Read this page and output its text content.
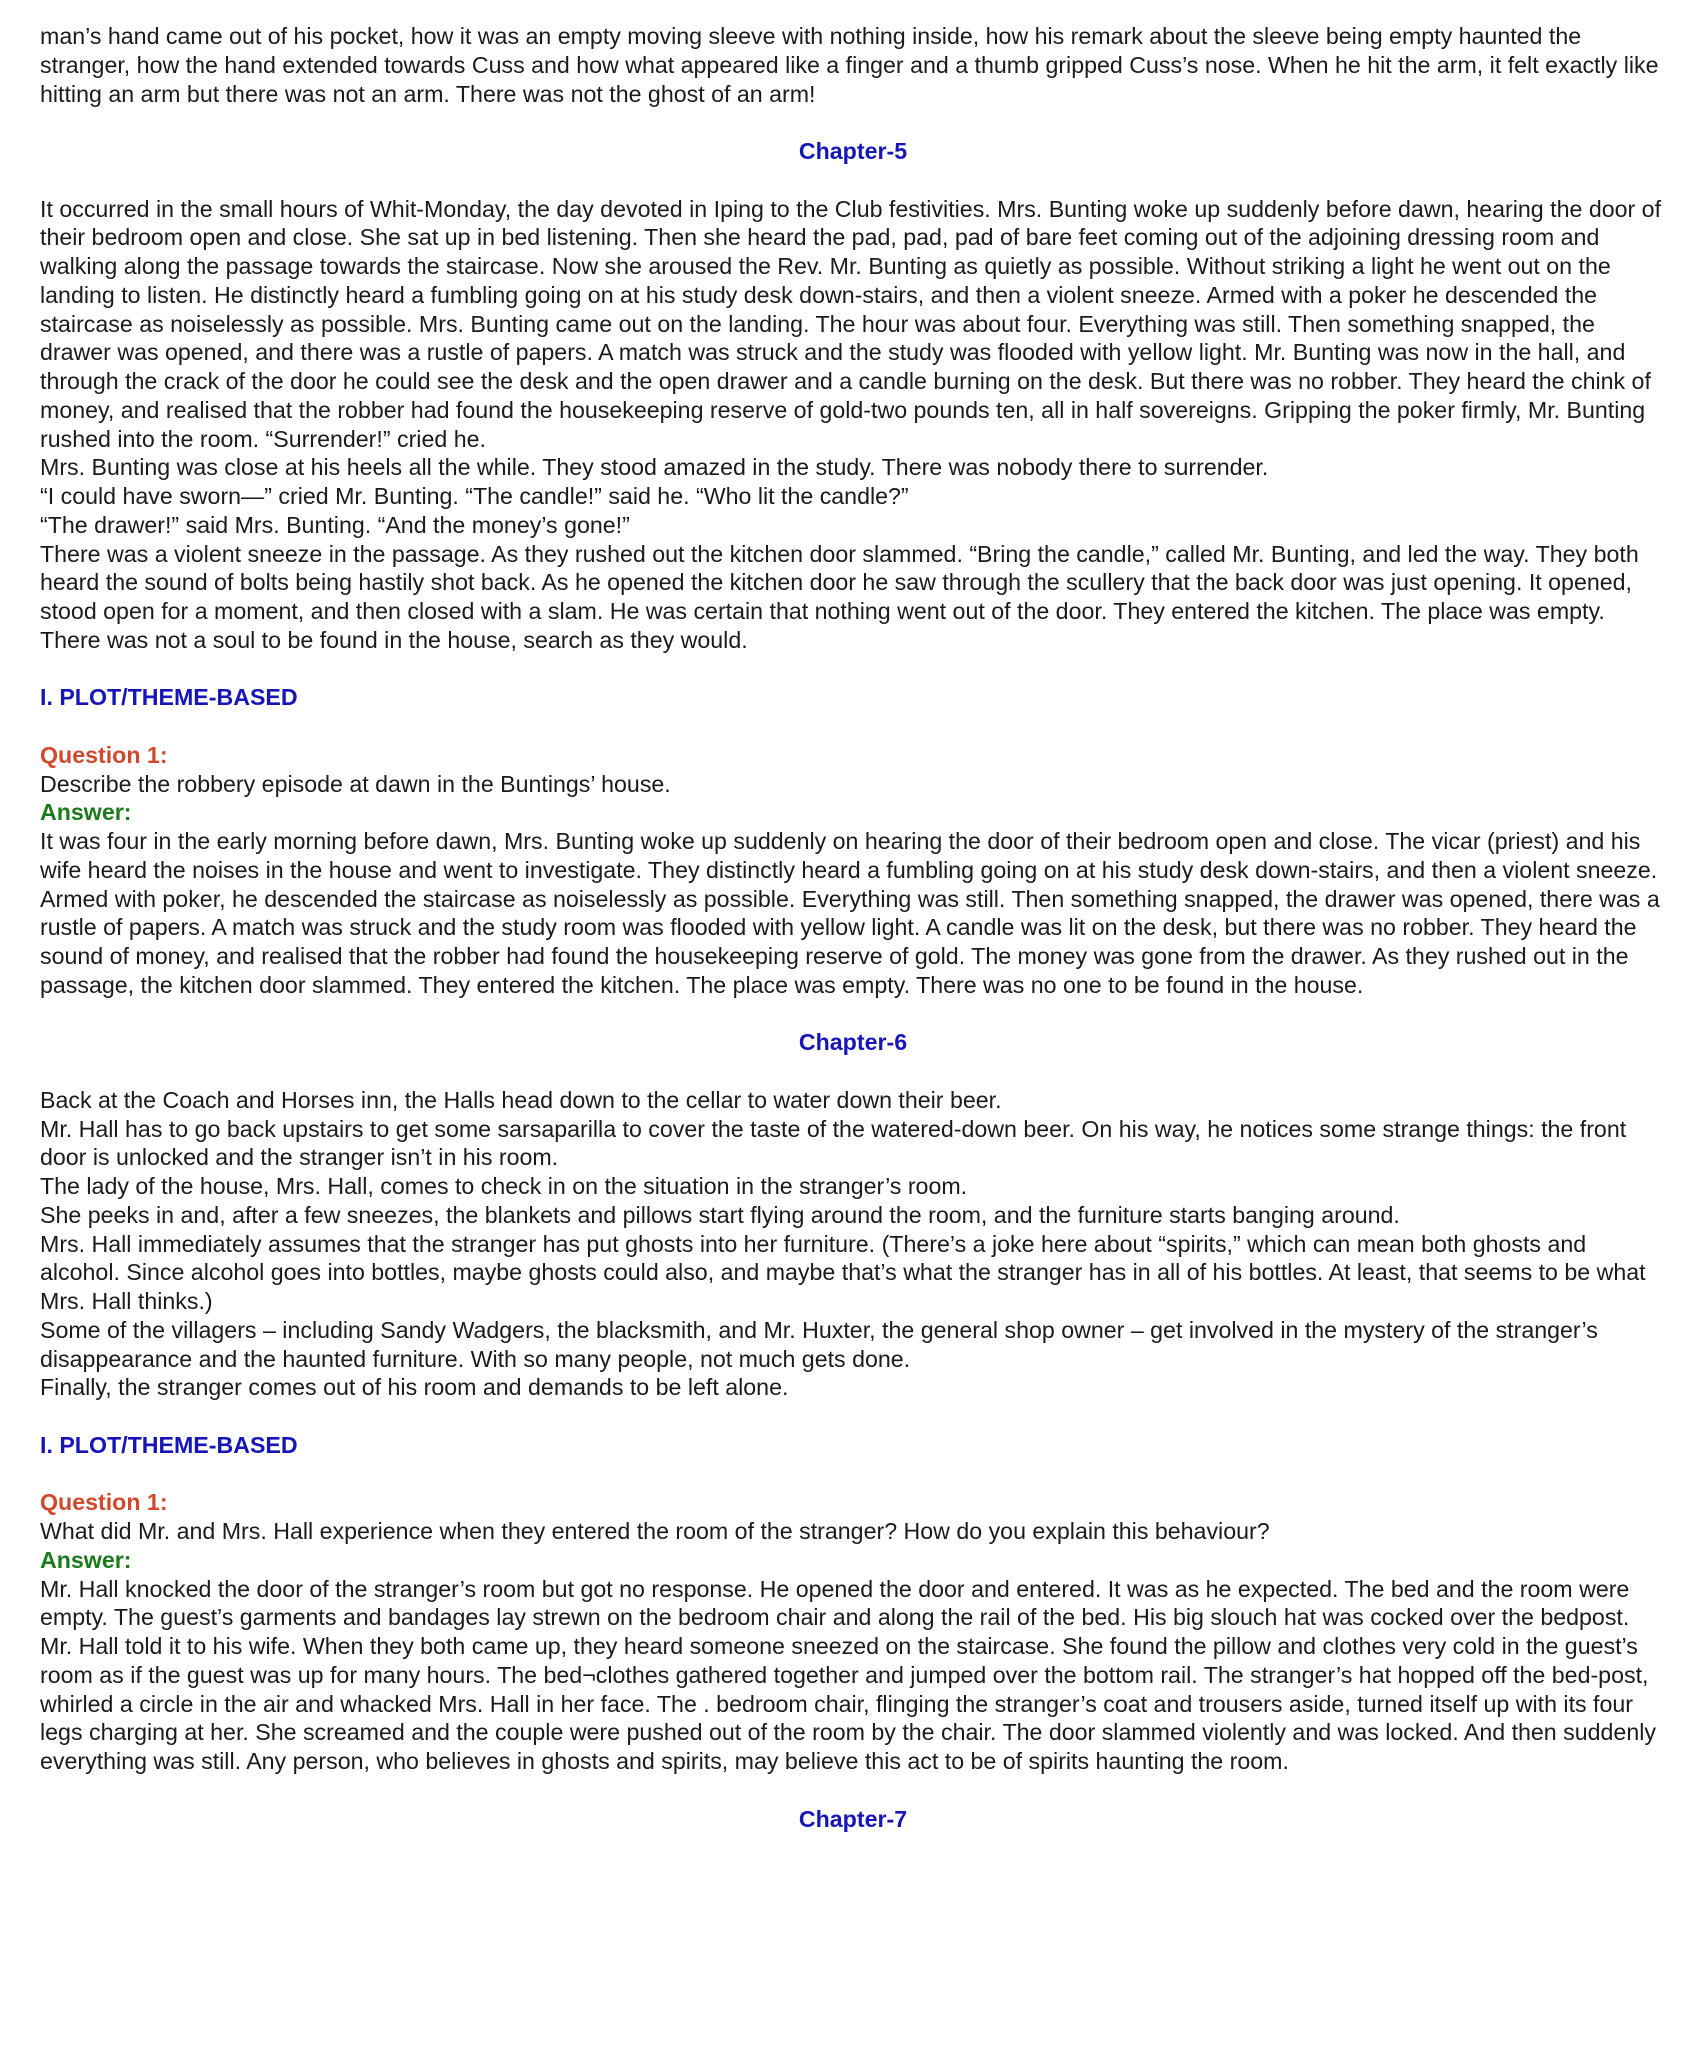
man’s hand came out of his pocket, how it was an empty moving sleeve with nothing inside, how his remark about the sleeve being empty haunted the stranger, how the hand extended towards Cuss and how what appeared like a finger and a thumb gripped Cuss’s nose. When he hit the arm, it felt exactly like hitting an arm but there was not an arm. There was not the ghost of an arm!

Chapter-5

It occurred in the small hours of Whit-Monday, the day devoted in Iping to the Club festivities. Mrs. Bunting woke up suddenly before dawn, hearing the door of their bedroom open and close. She sat up in bed listening. Then she heard the pad, pad, pad of bare feet coming out of the adjoining dressing room and walking along the passage towards the staircase. Now she aroused the Rev. Mr. Bunting as quietly as possible. Without striking a light he went out on the landing to listen. He distinctly heard a fumbling going on at his study desk down-stairs, and then a violent sneeze. Armed with a poker he descended the staircase as noiselessly as possible. Mrs. Bunting came out on the landing. The hour was about four. Everything was still. Then something snapped, the drawer was opened, and there was a rustle of papers. A match was struck and the study was flooded with yellow light. Mr. Bunting was now in the hall, and through the crack of the door he could see the desk and the open drawer and a candle burning on the desk. But there was no robber. They heard the chink of money, and realised that the robber had found the housekeeping reserve of gold-two pounds ten, all in half sovereigns. Gripping the poker firmly, Mr. Bunting rushed into the room. “Surrender!” cried he.

Mrs. Bunting was close at his heels all the while. They stood amazed in the study. There was nobody there to surrender.

“I could have sworn—” cried Mr. Bunting. “The candle!” said he. “Who lit the candle?”

“The drawer!” said Mrs. Bunting. “And the money’s gone!”

There was a violent sneeze in the passage. As they rushed out the kitchen door slammed. “Bring the candle,” called Mr. Bunting, and led the way. They both heard the sound of bolts being hastily shot back. As he opened the kitchen door he saw through the scullery that the back door was just opening. It opened, stood open for a moment, and then closed with a slam. He was certain that nothing went out of the door. They entered the kitchen. The place was empty. There was not a soul to be found in the house, search as they would.

I. PLOT/THEME-BASED

Question 1:

Describe the robbery episode at dawn in the Buntings’ house.

Answer:

It was four in the early morning before dawn, Mrs. Bunting woke up suddenly on hearing the door of their bedroom open and close. The vicar (priest) and his wife heard the noises in the house and went to investigate. They distinctly heard a fumbling going on at his study desk down-stairs, and then a violent sneeze. Armed with poker, he descended the staircase as noiselessly as possible. Everything was still. Then something snapped, the drawer was opened, there was a rustle of papers. A match was struck and the study room was flooded with yellow light. A candle was lit on the desk, but there was no robber. They heard the sound of money, and realised that the robber had found the housekeeping reserve of gold. The money was gone from the drawer. As they rushed out in the passage, the kitchen door slammed. They entered the kitchen. The place was empty. There was no one to be found in the house.

Chapter-6

Back at the Coach and Horses inn, the Halls head down to the cellar to water down their beer.

Mr. Hall has to go back upstairs to get some sarsaparilla to cover the taste of the watered-down beer. On his way, he notices some strange things: the front door is unlocked and the stranger isn’t in his room.

The lady of the house, Mrs. Hall, comes to check in on the situation in the stranger’s room.

She peeks in and, after a few sneezes, the blankets and pillows start flying around the room, and the furniture starts banging around.

Mrs. Hall immediately assumes that the stranger has put ghosts into her furniture. (There’s a joke here about “spirits,” which can mean both ghosts and alcohol. Since alcohol goes into bottles, maybe ghosts could also, and maybe that’s what the stranger has in all of his bottles. At least, that seems to be what Mrs. Hall thinks.)

Some of the villagers – including Sandy Wadgers, the blacksmith, and Mr. Huxter, the general shop owner – get involved in the mystery of the stranger’s disappearance and the haunted furniture. With so many people, not much gets done.

Finally, the stranger comes out of his room and demands to be left alone.

I. PLOT/THEME-BASED

Question 1:

What did Mr. and Mrs. Hall experience when they entered the room of the stranger? How do you explain this behaviour?

Answer:

Mr. Hall knocked the door of the stranger’s room but got no response. He opened the door and entered. It was as he expected. The bed and the room were empty. The guest’s garments and bandages lay strewn on the bedroom chair and along the rail of the bed. His big slouch hat was cocked over the bedpost. Mr. Hall told it to his wife. When they both came up, they heard someone sneezed on the staircase. She found the pillow and clothes very cold in the guest’s room as if the guest was up for many hours. The bed¬clothes gathered together and jumped over the bottom rail. The stranger’s hat hopped off the bed-post, whirled a circle in the air and whacked Mrs. Hall in her face. The . bedroom chair, flinging the stranger’s coat and trousers aside, turned itself up with its four legs charging at her. She screamed and the couple were pushed out of the room by the chair. The door slammed violently and was locked. And then suddenly everything was still. Any person, who believes in ghosts and spirits, may believe this act to be of spirits haunting the room.

Chapter-7
